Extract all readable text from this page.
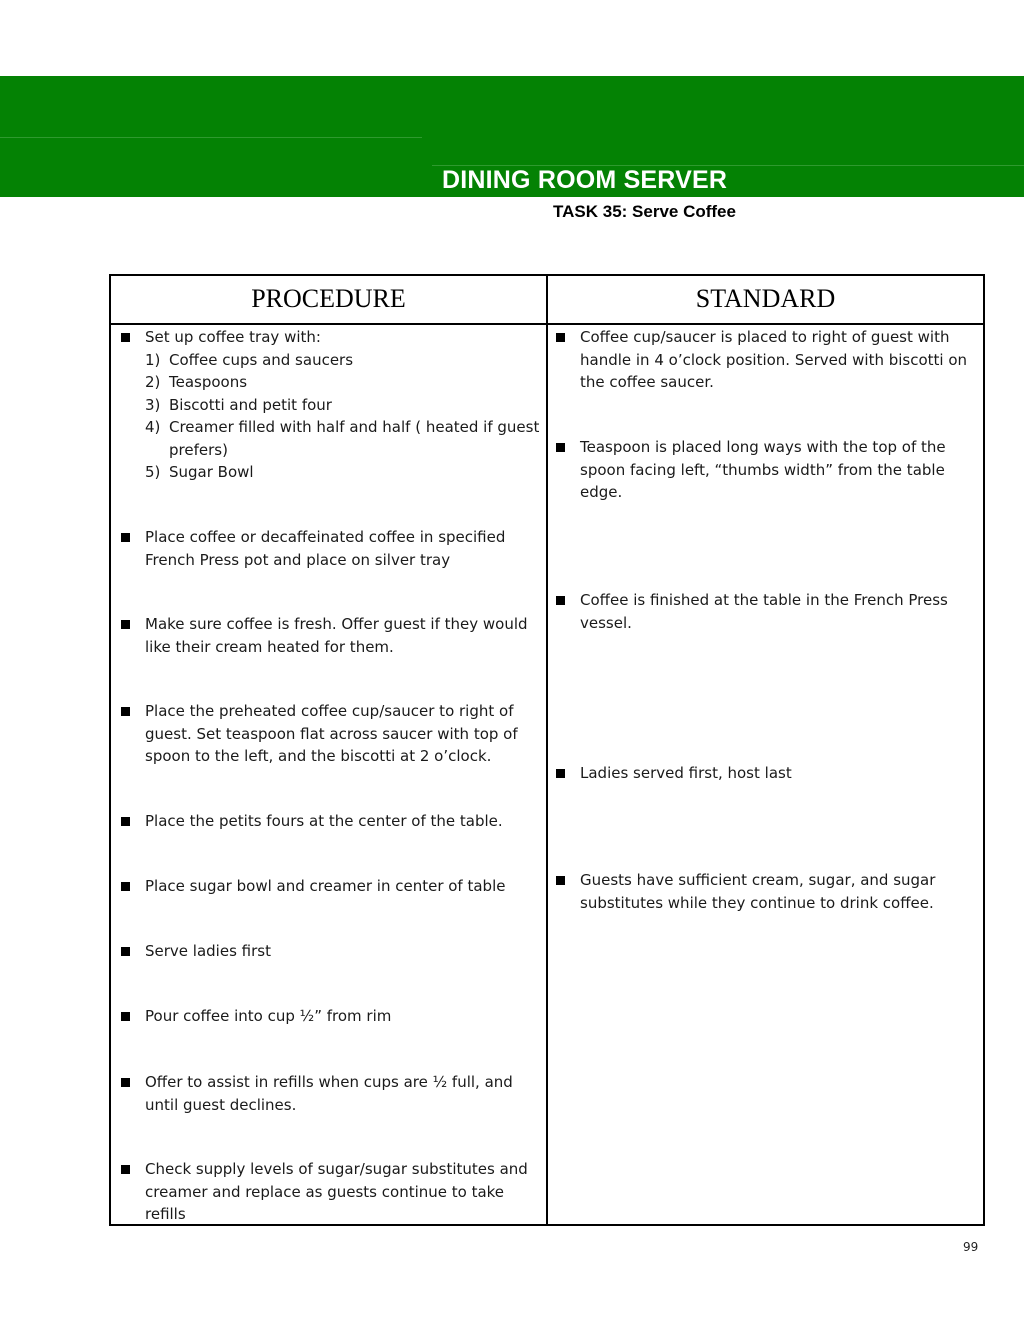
DINING ROOM SERVER
TASK 35: Serve Coffee
PROCEDURE	STANDARD
Set up coffee tray with:
1) Coffee cups and saucers
2) Teaspoons
3) Biscotti and petit four
4) Creamer filled with half and half ( heated if guest prefers)
5) Sugar Bowl
Place coffee or decaffeinated coffee in specified French Press pot and place on silver tray
Make sure coffee is fresh. Offer guest if they would like their cream heated for them.
Place the preheated coffee cup/saucer to right of guest. Set teaspoon flat across saucer with top of spoon to the left, and the biscotti at 2 o’clock.
Place the petits fours at the center of the table.
Place sugar bowl and creamer in center of table
Serve ladies first
Pour coffee into cup ½” from rim
Offer to assist in refills when cups are ½ full, and until guest declines.
Check supply levels of sugar/sugar substitutes and creamer and replace as guests continue to take refills
Coffee cup/saucer is placed to right of guest with handle in 4 o’clock position. Served with biscotti on the coffee saucer.
Teaspoon is placed long ways with the top of the spoon facing left, “thumbs width” from the table edge.
Coffee is finished at the table in the French Press vessel.
Ladies served first, host last
Guests have sufficient cream, sugar, and sugar substitutes while they continue to drink coffee.
99
